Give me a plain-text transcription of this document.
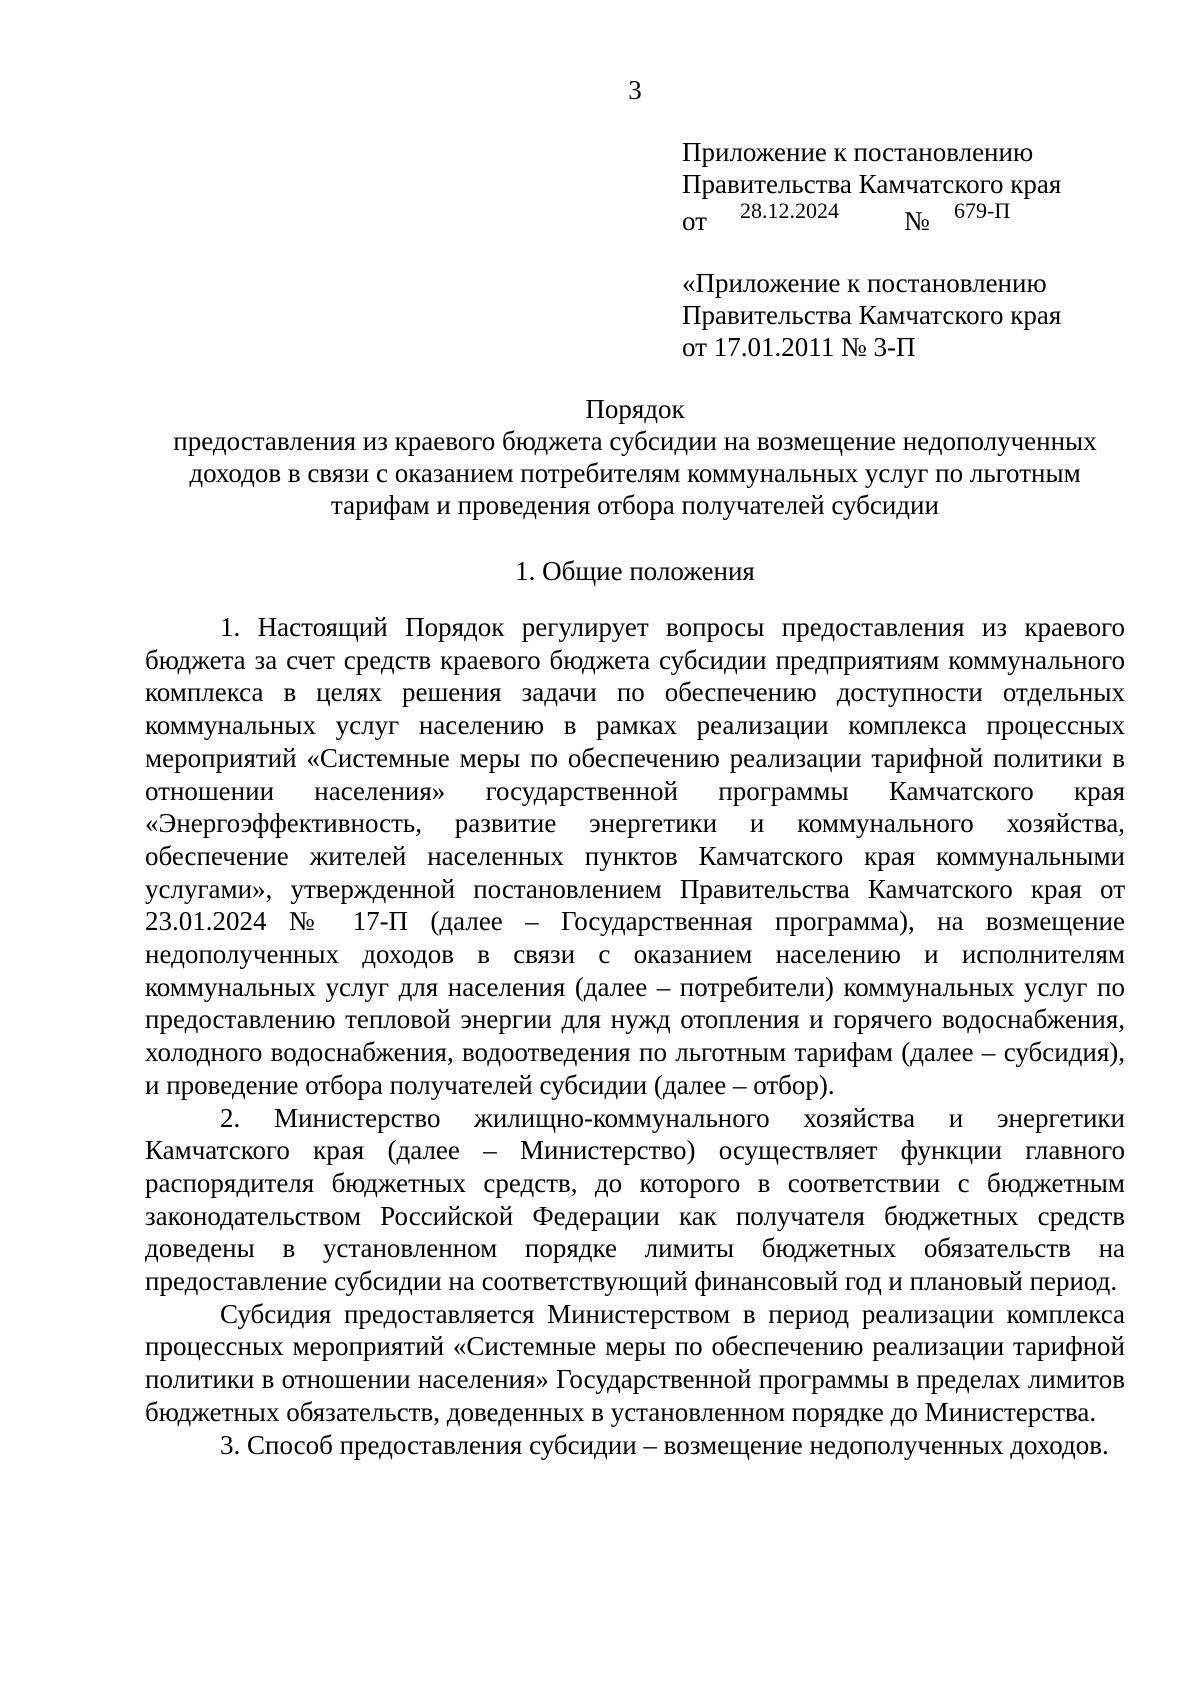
3
Приложение к постановлению
Правительства Камчатского края
от 28.12.2024 № 679-П
«Приложение к постановлению
Правительства Камчатского края
от 17.01.2011 № 3-П
Порядок
предоставления из краевого бюджета субсидии на возмещение недополученных доходов в связи с оказанием потребителям коммунальных услуг по льготным тарифам и проведения отбора получателей субсидии
1. Общие положения

1. Настоящий Порядок регулирует вопросы предоставления из краевого бюджета за счет средств краевого бюджета субсидии предприятиям коммунального комплекса в целях решения задачи по обеспечению доступности отдельных коммунальных услуг населению в рамках реализации комплекса процессных мероприятий «Системные меры по обеспечению реализации тарифной политики в отношении населения» государственной программы Камчатского края «Энергоэффективность, развитие энергетики и коммунального хозяйства, обеспечение жителей населенных пунктов Камчатского края коммунальными услугами», утвержденной постановлением Правительства Камчатского края от 23.01.2024 № 17-П (далее – Государственная программа), на возмещение недополученных доходов в связи с оказанием населению и исполнителям коммунальных услуг для населения (далее – потребители) коммунальных услуг по предоставлению тепловой энергии для нужд отопления и горячего водоснабжения, холодного водоснабжения, водоотведения по льготным тарифам (далее – субсидия), и проведение отбора получателей субсидии (далее – отбор).

2. Министерство жилищно-коммунального хозяйства и энергетики Камчатского края (далее – Министерство) осуществляет функции главного распорядителя бюджетных средств, до которого в соответствии с бюджетным законодательством Российской Федерации как получателя бюджетных средств доведены в установленном порядке лимиты бюджетных обязательств на предоставление субсидии на соответствующий финансовый год и плановый период.

Субсидия предоставляется Министерством в период реализации комплекса процессных мероприятий «Системные меры по обеспечению реализации тарифной политики в отношении населения» Государственной программы в пределах лимитов бюджетных обязательств, доведенных в установленном порядке до Министерства.

3. Способ предоставления субсидии – возмещение недополученных доходов.
